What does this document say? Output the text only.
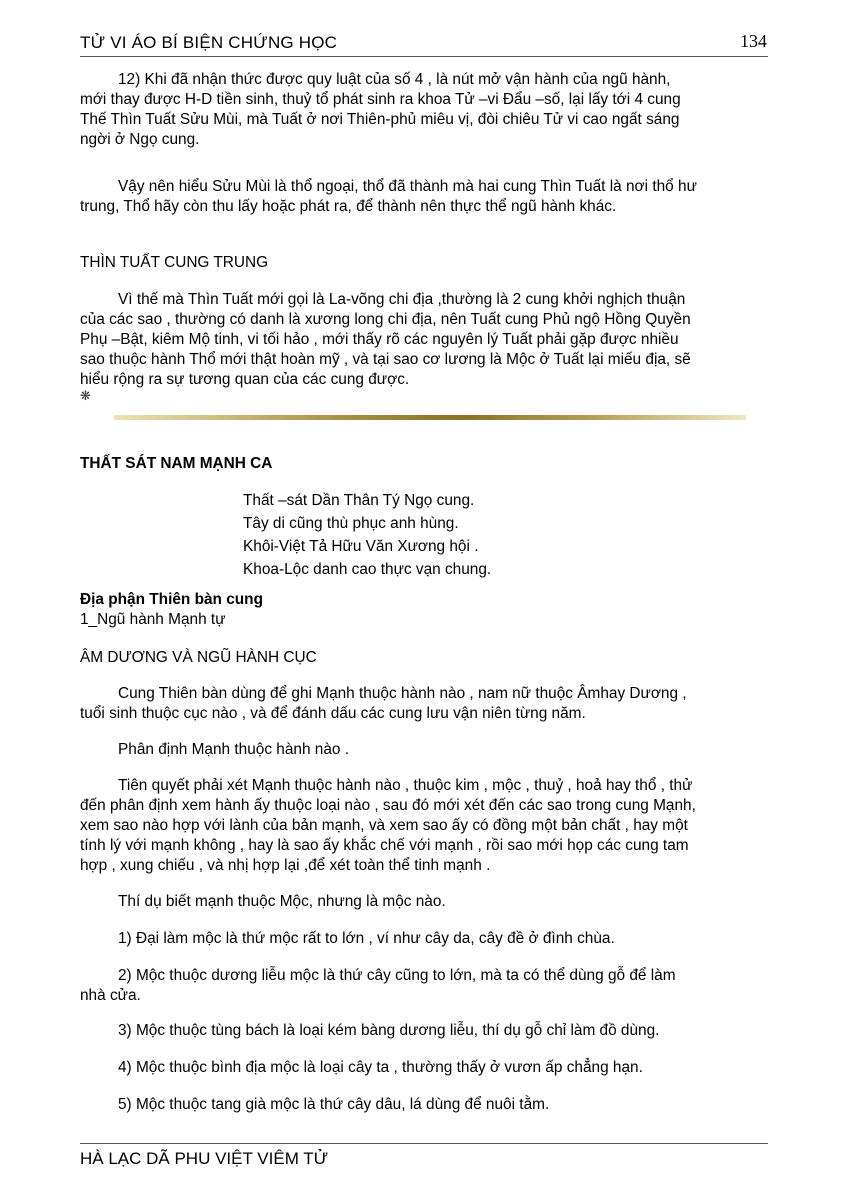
TỬ VI ÁO BÍ BIỆN CHỨNG HỌC	134
12) Khi đã nhận thức được quy luật của số 4 , là nút mở vận hành của ngũ hành,
mới thay được H-D tiền sinh, thuỷ tổ phát sinh ra khoa Tử –vi Đẩu –số, lại lấy tới 4 cung
Thế Thìn Tuất Sửu Mùi, mà Tuất ở nơi Thiên-phủ miêu vị, đòi chiêu Tử vi cao ngất sáng
ngời ở Ngọ cung.
Vậy nên hiểu Sửu Mùi là thổ ngoại, thổ đã thành mà hai cung Thìn Tuất là nơi thổ hư
trung, Thổ hãy còn thu lấy hoặc phát ra, để thành nên thực thể ngũ hành khác.
THÌN TUẤT CUNG TRUNG
Vì thế mà Thìn Tuất mới gọi là La-võng chi địa ,thường là 2 cung khởi nghịch thuận
của các sao , thường có danh là xương long chi địa, nên Tuất cung Phủ ngộ Hồng Quyền
Phụ –Bật, kiêm Mộ tinh, vi tối hảo , mới thấy rõ các nguyên lý Tuất phải gặp được nhiều
sao thuộc hành Thổ mới thật hoàn mỹ , và tại sao cơ lương là Mộc ở Tuất lại miếu địa, sẽ
hiểu rộng ra sự tương quan của các cung được.
❋
THẤT SÁT NAM MẠNH CA
Thất –sát Dần Thân Tý Ngọ cung.
Tây di cũng thù phục anh hùng.
Khôi-Việt Tả Hữu Văn Xương hội .
Khoa-Lộc danh cao thực vạn chung.
Địa phận Thiên bàn cung
1_Ngũ hành Mạnh tự
ÂM DƯƠNG VÀ NGŨ HÀNH CỤC
Cung Thiên bàn dùng để ghi Mạnh thuộc hành nào , nam nữ thuộc Âmhay Dương ,
tuổi sinh thuộc cục nào , và để đánh dấu các cung lưu vận niên từng năm.
Phân định Mạnh thuộc hành nào .
Tiên quyết phải xét Mạnh thuộc hành nào , thuộc kim , mộc , thuỷ , hoả hay thổ , thử
đến phân định xem hành ấy thuộc loại nào , sau đó mới xét đến các sao trong cung Mạnh,
xem sao nào hợp với lành của bản mạnh, và xem sao ấy có đồng một bản chất , hay một
tính lý với mạnh không , hay là sao ấy khắc chế với mạnh , rồi sao mới họp các cung tam
hợp , xung chiếu , và nhị hợp lại ,để xét toàn thể tinh mạnh .
Thí dụ biết mạnh thuộc Mộc, nhưng là mộc nào.
1) Đại làm mộc là thứ mộc rất to lớn , ví như cây da, cây đề ở đình chùa.
2) Mộc thuộc dương liễu mộc là thứ cây cũng to lớn, mà ta có thể dùng gỗ để làm
nhà cửa.
3) Mộc thuộc tùng bách là loại kém bàng dương liễu, thí dụ gỗ chỉ làm đồ dùng.
4) Mộc thuộc bình địa mộc là loại cây ta , thường thấy ở vươn ấp chẳng hạn.
5) Mộc thuộc tang già mộc là thứ cây dâu, lá dùng để nuôi tằm.
HÀ LẠC DÃ PHU VIỆT VIÊM TỬ
